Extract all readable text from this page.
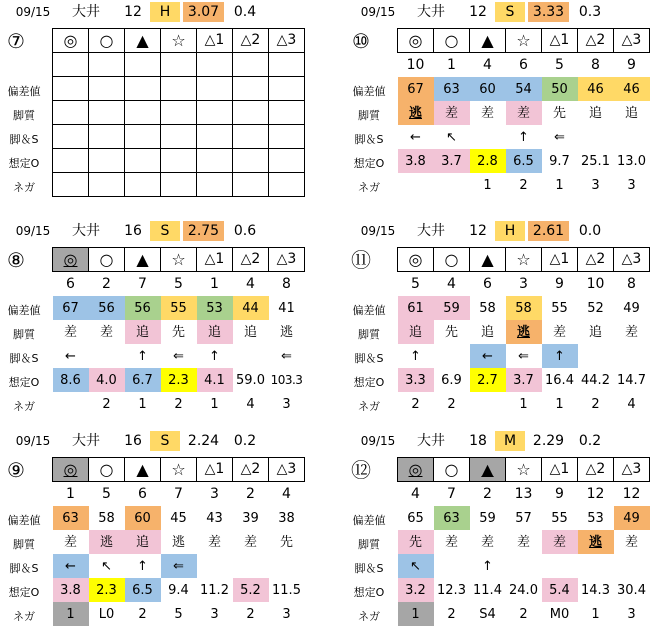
09/15	大井	12	H	3.07	0.4
⑦
偏差値
脚質
脚＆S
想定O
ネガ
◎	○	▲	☆	△1	△2	△3

09/15	大井	12	S	3.33	0.3
⑩
偏差値
脚質
脚＆S
想定O
ネガ
◎	○	▲	☆	△1	△2	△3
10	1	4	6	5	8	9
67	63	60	54	50	46	46
逃	差	差	差	先	追	追
←	↖		↑	⇐		
3.8	3.7	2.8	6.5	9.7	25.1	13.0
		1	2	1	3	3
09/15	大井	16	S	2.75	0.6
⑧
偏差値
脚質
脚＆S
想定O
ネガ
◎	○	▲	☆	△1	△2	△3
6	2	7	5	1	4	8
67	56	56	55	53	44	41
差	差	追	先	追	追	逃
←		↑	⇐	↑		⇐
8.6	4.0	6.7	2.3	4.1	59.0	103.3
	2	1	2	1	4	3
09/15	大井	12	H	2.61	0.0
⑪
偏差値
脚質
脚＆S
想定O
ネガ
◎	○	▲	☆	△1	△2	△3
5	4	6	3	9	10	8
61	59	58	58	55	52	49
追	先	追	逃	差	追	差
↑		←	⇐	↑		
3.3	6.9	2.7	3.7	16.4	44.2	14.7
2	2		1	1	2	4
09/15	大井	16	S	2.24	0.2
⑨
偏差値
脚質
脚＆S
想定O
ネガ
◎	○	▲	☆	△1	△2	△3
1	5	6	7	3	2	4
63	58	60	45	43	39	38
差	逃	追	逃	差	差	先
←	↖	↑	⇐			
3.8	2.3	6.5	9.4	11.2	5.2	11.5
1	L0	2	5	3	2	3
09/15	大井	18	M	2.29	0.2
⑫
偏差値
脚質
脚＆S
想定O
ネガ
◎	○	▲	☆	△1	△2	△3
4	7	2	13	9	12	12
65	63	59	57	55	53	49
先	差	差	差	差	逃	差
↖		↑				
3.2	12.3	11.4	24.0	5.4	14.3	30.4
1	2	S4	2	M0	1	3
